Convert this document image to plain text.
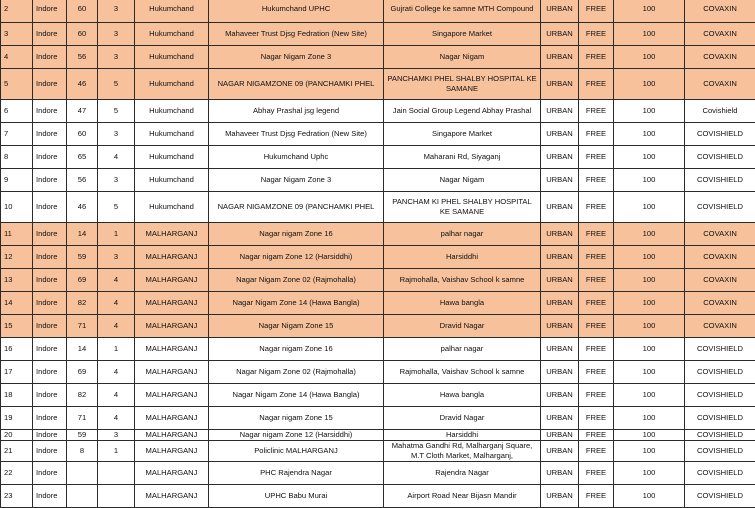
2	Indore	60	3	Hukumchand	Hukumchand UPHC	Gujrati College ke samne MTH Compound	URBAN	FREE	100	COVAXIN
3	Indore	60	3	Hukumchand	Mahaveer Trust Djsg Fedration (New Site)	Singapore Market	URBAN	FREE	100	COVAXIN
4	Indore	56	3	Hukumchand	Nagar Nigam Zone 3	Nagar Nigam	URBAN	FREE	100	COVAXIN
5	Indore	46	5	Hukumchand	NAGAR NIGAMZONE 09 (PANCHAMKI PHEL	PANCHAMKI PHEL SHALBY HOSPITAL KE SAMANE	URBAN	FREE	100	COVAXIN
6	Indore	47	5	Hukumchand	Abhay Prashal jsg legend	Jain Social Group Legend Abhay Prashal	URBAN	FREE	100	Covishield
7	Indore	60	3	Hukumchand	Mahaveer Trust Djsg Fedration (New Site)	Singapore Market	URBAN	FREE	100	COVISHIELD
8	Indore	65	4	Hukumchand	Hukumchand Uphc	Maharani Rd, Siyaganj	URBAN	FREE	100	COVISHIELD
9	Indore	56	3	Hukumchand	Nagar Nigam Zone 3	Nagar Nigam	URBAN	FREE	100	COVISHIELD
10	Indore	46	5	Hukumchand	NAGAR NIGAMZONE 09 (PANCHAMKI PHEL	PANCHAM KI PHEL SHALBY HOSPITAL KE SAMANE	URBAN	FREE	100	COVISHIELD
11	Indore	14	1	MALHARGANJ	Nagar nigam Zone 16	palhar nagar	URBAN	FREE	100	COVAXIN
12	Indore	59	3	MALHARGANJ	Nagar nigam Zone 12 (Harsiddhi)	Harsiddhi	URBAN	FREE	100	COVAXIN
13	Indore	69	4	MALHARGANJ	Nagar Nigam Zone 02 (Rajmohalla)	Rajmohalla, Vaishav School k samne	URBAN	FREE	100	COVAXIN
14	Indore	82	4	MALHARGANJ	Nagar Nigam Zone 14 (Hawa Bangla)	Hawa bangla	URBAN	FREE	100	COVAXIN
15	Indore	71	4	MALHARGANJ	Nagar Nigam Zone 15	Dravid Nagar	URBAN	FREE	100	COVAXIN
16	Indore	14	1	MALHARGANJ	Nagar nigam Zone 16	palhar nagar	URBAN	FREE	100	COVISHIELD
17	Indore	69	4	MALHARGANJ	Nagar Nigam Zone 02 (Rajmohalla)	Rajmohalla, Vaishav School k samne	URBAN	FREE	100	COVISHIELD
18	Indore	82	4	MALHARGANJ	Nagar Nigam Zone 14 (Hawa Bangla)	Hawa bangla	URBAN	FREE	100	COVISHIELD
19	Indore	71	4	MALHARGANJ	Nagar nigam Zone 15	Dravid Nagar	URBAN	FREE	100	COVISHIELD
20	Indore	59	3	MALHARGANJ	Nagar nigam Zone 12 (Harsiddhi)	Harsiddhi	URBAN	FREE	100	COVISHIELD
21	Indore	8	1	MALHARGANJ	Policlinic MALHARGANJ	Mahatma Gandhi Rd, Malharganj Square, M.T Cloth Market, Malharganj,	URBAN	FREE	100	COVISHIELD
22	Indore			MALHARGANJ	PHC Rajendra Nagar	Rajendra Nagar	URBAN	FREE	100	COVISHIELD
23	Indore			MALHARGANJ	UPHC Babu Murai	Airport Road Near Bijasn Mandir	URBAN	FREE	100	COVISHIELD
